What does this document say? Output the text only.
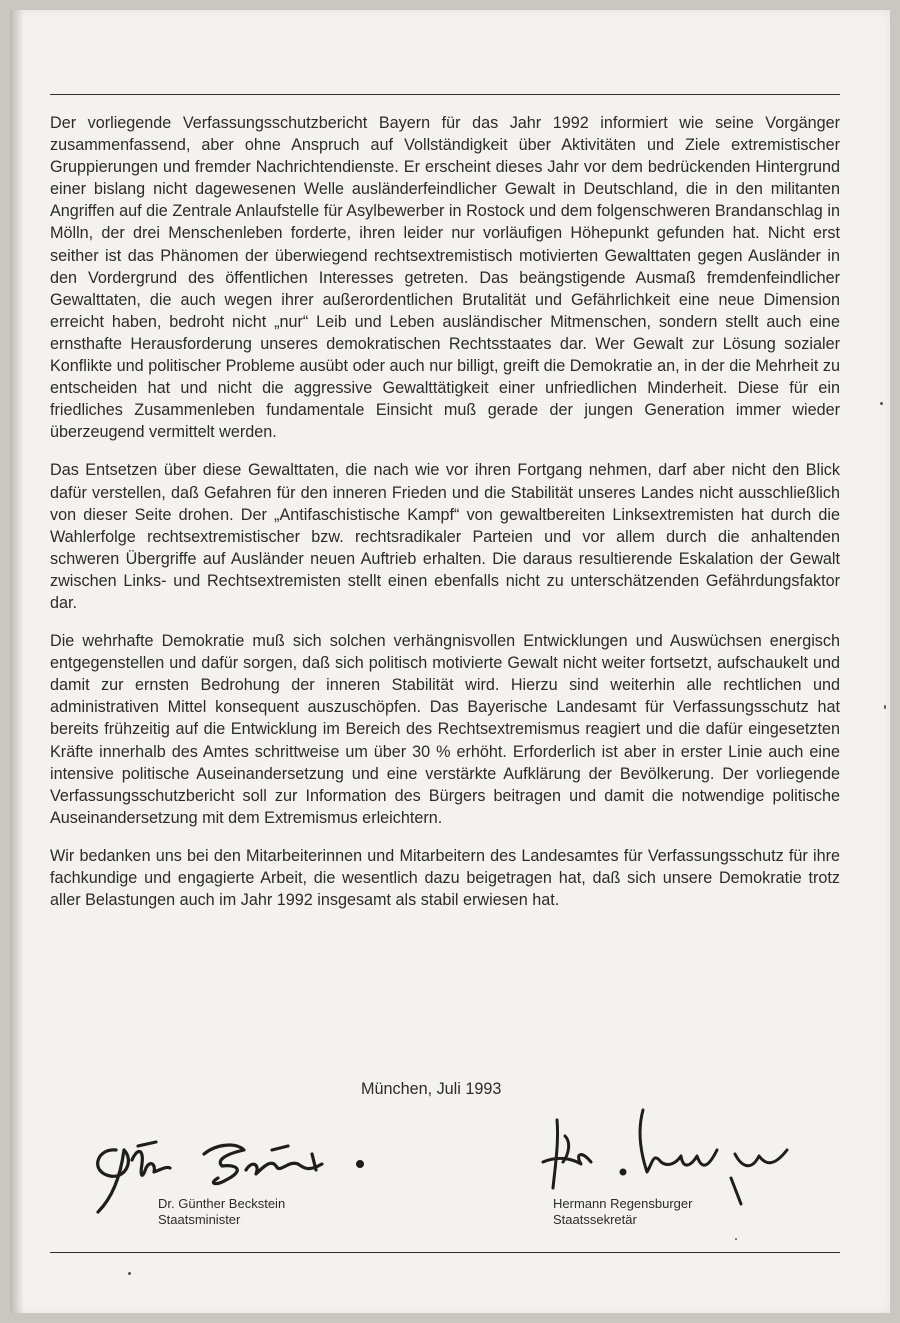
Der vorliegende Verfassungsschutzbericht Bayern für das Jahr 1992 informiert wie seine Vorgänger zusammenfassend, aber ohne Anspruch auf Vollständigkeit über Aktivitäten und Ziele extremistischer Gruppierungen und fremder Nachrichtendienste. Er erscheint dieses Jahr vor dem bedrückenden Hintergrund einer bislang nicht dagewesenen Welle ausländerfeindlicher Gewalt in Deutschland, die in den militanten Angriffen auf die Zentrale Anlaufstelle für Asylbewerber in Rostock und dem folgenschweren Brandanschlag in Mölln, der drei Menschenleben forderte, ihren leider nur vorläufigen Höhepunkt gefunden hat. Nicht erst seither ist das Phänomen der überwiegend rechtsextremistisch motivierten Gewalttaten gegen Ausländer in den Vordergrund des öffentlichen Interesses getreten. Das beängstigende Ausmaß fremdenfeindlicher Gewalttaten, die auch wegen ihrer außerordentlichen Brutalität und Gefährlichkeit eine neue Dimension erreicht haben, bedroht nicht „nur“ Leib und Leben ausländischer Mitmenschen, sondern stellt auch eine ernsthafte Herausforderung unseres demokratischen Rechtsstaates dar. Wer Gewalt zur Lösung sozialer Konflikte und politischer Probleme ausübt oder auch nur billigt, greift die Demokratie an, in der die Mehrheit zu entscheiden hat und nicht die aggressive Gewalttätigkeit einer unfriedlichen Minderheit. Diese für ein friedliches Zusammenleben fundamentale Einsicht muß gerade der jungen Generation immer wieder überzeugend vermittelt werden.

Das Entsetzen über diese Gewalttaten, die nach wie vor ihren Fortgang nehmen, darf aber nicht den Blick dafür verstellen, daß Gefahren für den inneren Frieden und die Stabilität unseres Landes nicht ausschließlich von dieser Seite drohen. Der „Antifaschistische Kampf“ von gewaltbereiten Linksextremisten hat durch die Wahlerfolge rechtsextremistischer bzw. rechtsradikaler Parteien und vor allem durch die anhaltenden schweren Übergriffe auf Ausländer neuen Auftrieb erhalten. Die daraus resultierende Eskalation der Gewalt zwischen Links- und Rechtsextremisten stellt einen ebenfalls nicht zu unterschätzenden Gefährdungsfaktor dar.

Die wehrhafte Demokratie muß sich solchen verhängnisvollen Entwicklungen und Auswüchsen energisch entgegenstellen und dafür sorgen, daß sich politisch motivierte Gewalt nicht weiter fortsetzt, aufschaukelt und damit zur ernsten Bedrohung der inneren Stabilität wird. Hierzu sind weiterhin alle rechtlichen und administrativen Mittel konsequent auszuschöpfen. Das Bayerische Landesamt für Verfassungsschutz hat bereits frühzeitig auf die Entwicklung im Bereich des Rechtsextremismus reagiert und die dafür eingesetzten Kräfte innerhalb des Amtes schrittweise um über 30 % erhöht. Erforderlich ist aber in erster Linie auch eine intensive politische Auseinandersetzung und eine verstärkte Aufklärung der Bevölkerung. Der vorliegende Verfassungsschutzbericht soll zur Information des Bürgers beitragen und damit die notwendige politische Auseinandersetzung mit dem Extremismus erleichtern.

Wir bedanken uns bei den Mitarbeiterinnen und Mitarbeitern des Landesamtes für Verfassungsschutz für ihre fachkundige und engagierte Arbeit, die wesentlich dazu beigetragen hat, daß sich unsere Demokratie trotz aller Belastungen auch im Jahr 1992 insgesamt als stabil erwiesen hat.

München, Juli 1993
Dr. Günther Beckstein
Staatsminister
Hermann Regensburger
Staatssekretär
